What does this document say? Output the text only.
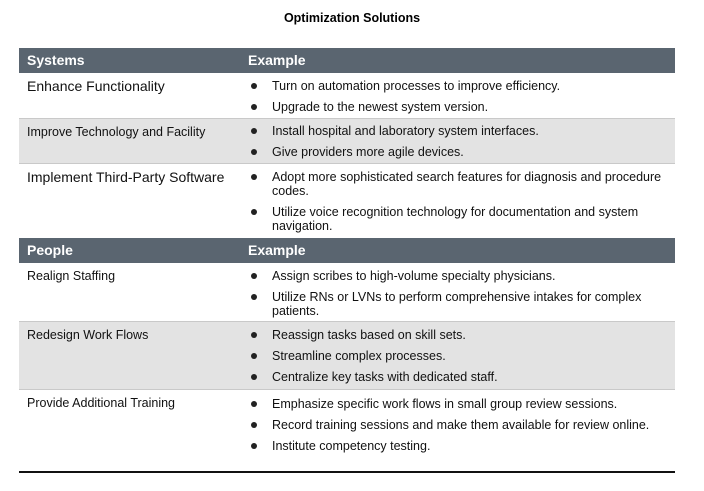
Optimization Solutions
Systems	Example
Enhance Functionality	Turn on automation processes to improve efficiency.
Upgrade to the newest system version.
Improve Technology and Facility	Install hospital and laboratory system interfaces.
Give providers more agile devices.
Implement Third-Party Software	Adopt more sophisticated search features for diagnosis and procedure codes.
Utilize voice recognition technology for documentation and system navigation.
People	Example
Realign Staffing	Assign scribes to high-volume specialty physicians.
Utilize RNs or LVNs to perform comprehensive intakes for complex patients.
Redesign Work Flows	Reassign tasks based on skill sets.
Streamline complex processes.
Centralize key tasks with dedicated staff.
Provide Additional Training	Emphasize specific work flows in small group review sessions.
Record training sessions and make them available for review online.
Institute competency testing.
